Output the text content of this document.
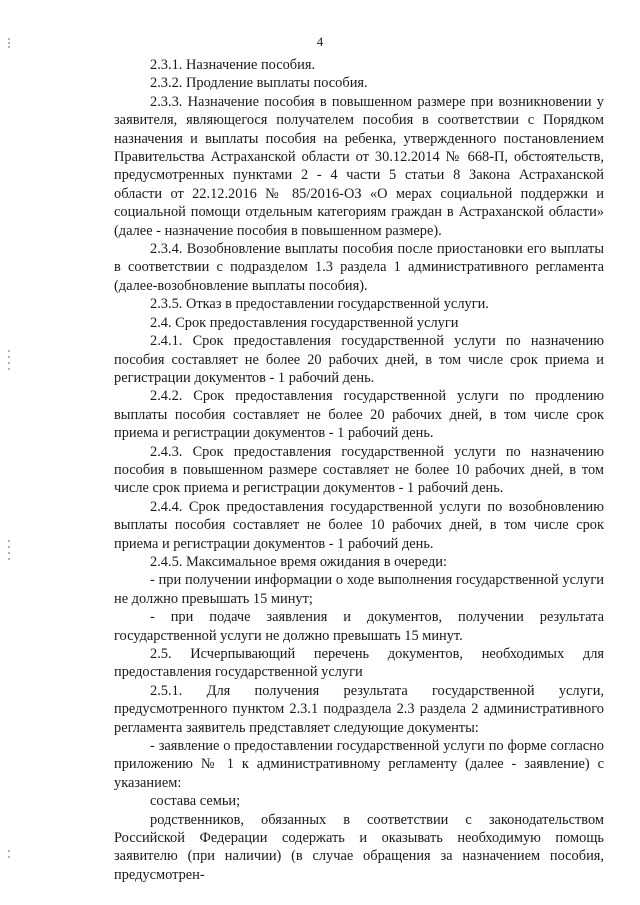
4

2.3.1. Назначение пособия.

2.3.2. Продление выплаты пособия.

2.3.3. Назначение пособия в повышенном размере при возникновении у заявителя, являющегося получателем пособия в соответствии с Порядком назначения и выплаты пособия на ребенка, утвержденного постановлением Правительства Астраханской области от 30.12.2014 № 668-П, обстоятельств, предусмотренных пунктами 2 - 4 части 5 статьи 8 Закона Астраханской области от 22.12.2016 № 85/2016-ОЗ «О мерах социальной поддержки и социальной помощи отдельным категориям граждан в Астраханской области» (далее - назначение пособия в повышенном размере).

2.3.4. Возобновление выплаты пособия после приостановки его выплаты в соответствии с подразделом 1.3 раздела 1 административного регламента (далее-возобновление выплаты пособия).

2.3.5. Отказ в предоставлении государственной услуги.

2.4. Срок предоставления государственной услуги

2.4.1. Срок предоставления государственной услуги по назначению пособия составляет не более 20 рабочих дней, в том числе срок приема и регистрации документов - 1 рабочий день.

2.4.2. Срок предоставления государственной услуги по продлению выплаты пособия составляет не более 20 рабочих дней, в том числе срок приема и регистрации документов - 1 рабочий день.

2.4.3. Срок предоставления государственной услуги по назначению пособия в повышенном размере составляет не более 10 рабочих дней, в том числе срок приема и регистрации документов - 1 рабочий день.

2.4.4. Срок предоставления государственной услуги по возобновлению выплаты пособия составляет не более 10 рабочих дней, в том числе срок приема и регистрации документов - 1 рабочий день.

2.4.5. Максимальное время ожидания в очереди:

- при получении информации о ходе выполнения государственной услуги не должно превышать 15 минут;

- при подаче заявления и документов, получении результата государственной услуги не должно превышать 15 минут.

2.5. Исчерпывающий перечень документов, необходимых для предоставления государственной услуги

2.5.1. Для получения результата государственной услуги, предусмотренного пунктом 2.3.1 подраздела 2.3 раздела 2 административного регламента заявитель представляет следующие документы:

- заявление о предоставлении государственной услуги по форме согласно приложению № 1 к административному регламенту (далее - заявление) с указанием:

состава семьи;

родственников, обязанных в соответствии с законодательством Российской Федерации содержать и оказывать необходимую помощь заявителю (при наличии) (в случае обращения за назначением пособия, предусмотрен-
